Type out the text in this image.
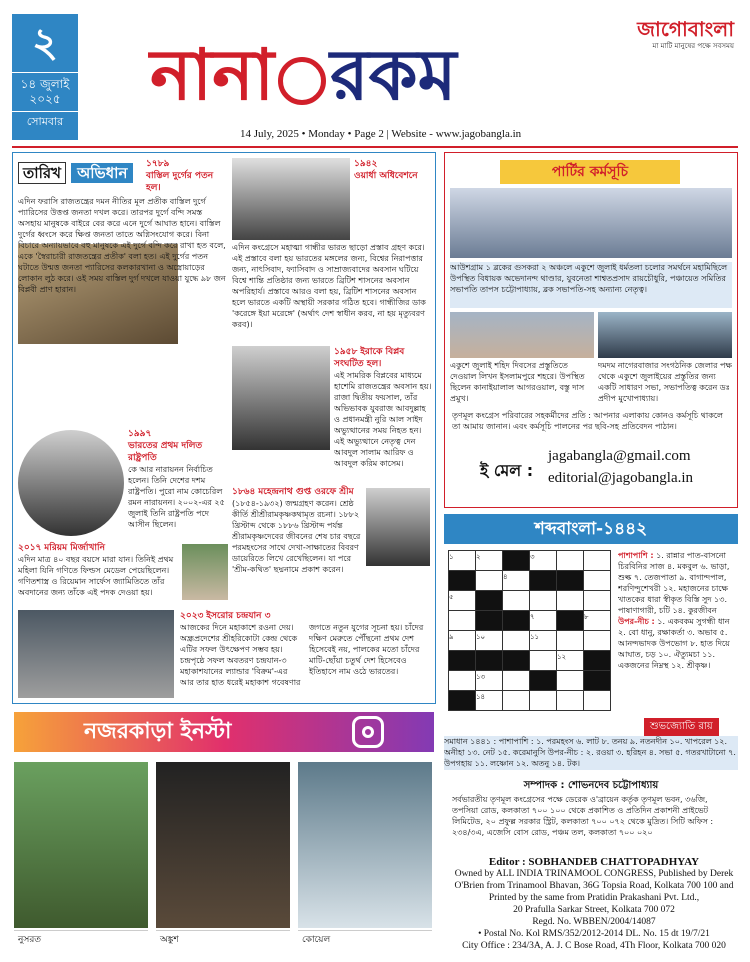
২
১৪ জুলাই ২০২৫
সোমবার
নানা রকম
জাগোবাংলা
মা মাটি মানুষের পক্ষে সবসময়
14 July, 2025 • Monday • Page 2 | Website - www.jagobangla.in
তারিখ অভিধান	১৭৮৯
বাস্তিল দুর্গের পতন হল।
এদিন ফরাসি রাজতন্ত্রের দমন নীতির মূল প্রতীক বাস্তিল দুর্গে প্যারিসের উত্তপ্ত জনতা দখল করে। তারপর দুর্গে বন্দি সমস্ত অসহায় মানুষকে বাইরে বের করে এনে দুর্গে আঘাত হানে। বাস্তিল দুর্গের ধ্বংসে করে ক্ষিপ্ত জনতা তাতে অগ্নিসংযোগ করে। বিনা বিচারে অন্যায়ভাবে বহু মানুষকে এই দুর্গে বন্দি করে রাখা হত বলে, একে 'স্বৈরাচারী রাজতন্ত্রের প্রতীক' বলা হত। এই দুর্গের পতন ঘটাতে উন্মত্ত জনতা প্যারিসের কলকারখানা ও অস্ত্রোয়াড়ের লোকান লুঠ করে। ওই সময় বাস্তিল দুর্গ দখলে যাওয়া যুদ্ধে ৯৮ জন বিপ্লবী প্রাণ হারান।
১৯৪২
ওয়ার্ধা অধিবেশনে
এদিন কংগ্রেসে মহাত্মা গান্ধীর ভারত ছাড়ো প্রস্তাব গ্রহণ করে। এই প্রস্তাবে বলা হয় ভারতের মঙ্গলের জন্য, বিশ্বের নিরাপত্তার জন্য, নাৎসিবাদ, ফ্যাসিবাদ ও সাম্রাজ্যবাদের অবসান ঘটিয়ে বিশ্বে শান্তি প্রতিষ্ঠার জন্য ভারতে ব্রিটিশ শাসনের অবসান অপরিহার্য। প্রস্তাবে আরও বলা হয়, ব্রিটিশ শাসনের অবসান হলে ভারতে একটি অস্থায়ী সরকার গঠিত হবে। গান্ধীজির ডাক 'করেঙ্গে ইয়া মরেঙ্গে' (অর্থাৎ দেশ স্বাধীন করব, না হয় মৃত্যুবরণ করব)।
১৯৫৮ ইরাকে বিপ্লব সংঘটিত হল।
এই সামরিক বিপ্লবের মাধ্যমে হাশেমি রাজতন্ত্রের অবসান হয়। রাজা দ্বিতীয় ফয়সাল, তাঁর অভিভাবক যুবরাজ আবদুল্লাহ ও প্রধানমন্ত্রী নুরি আল সাইদ অভ্যুত্থানের সময় নিহত হন। এই অভ্যুত্থানে নেতৃত্ব দেন আবদুল সালাম আরিফ ও আবদুল করিম কাসেম।
১৯৯৭
ভারতের প্রথম দলিত রাষ্ট্রপতি
কে আর নারায়নন নির্বাচিত হলেন। তিনি দেশের দশম রাষ্ট্রপতি। পুরো নাম কোচেরিল রমন নারায়নন। ২০০২-এর ২৫ জুলাই তিনি রাষ্ট্রপতি পদে আসীন ছিলেন।
১৮৬৪ মহেন্দ্রনাথ গুপ্ত ওরফে শ্রীম
(১৮৫৪-১৯৩২) জন্মগ্রহণ করেন। শ্রেষ্ঠ কীর্তি শ্রীশ্রীরামকৃষ্ণকথামৃত রচনা। ১৮৮২ খ্রিস্টাব্দ থেকে ১৮৮৬ খ্রিস্টাব্দ পর্যন্ত শ্রীরামকৃষ্ণদেবের জীবনের শেষ চার বছরে পরমহংসের সাথে দেখা-সাক্ষাতের বিবরণ ডায়েরিতে লিখে রেখেছিলেন। যা পরে 'শ্রীম-কথিত' ছদ্মনামে প্রকাশ করেন।
২০১৭ মরিয়ম মির্জাখানি
এদিন মাত্র ৪০ বছর বয়সে মারা যান। তিনিই প্রথম মহিলা যিনি গণিতে ফিল্ডস মেডেল পেয়েছিলেন। গণিতশাস্ত্র ও রিয়েমান সার্ফেস জ্যামিতিতে তাঁর অবদানের জন্য তাঁকে এই পদক দেওয়া হয়।
২০২৩ ইসরোর চন্দ্রযান ৩
আজকের দিনে মহাকাশে রওনা দেয়। অন্ধ্রপ্রদেশের শ্রীহরিকোটা কেন্দ্র থেকে এটির সফল উৎক্ষেপণ সম্ভব হয়। চন্দ্রপৃষ্ঠে সফল অবতরণ চন্দ্রযান-৩ মহাকাশযানের ল্যান্ডার 'বিক্রম'-এর আর তার হাত ধরেই মহাকাশ গবেষণার জগতে নতুন যুগের সূচনা হয়। চাঁদের দক্ষিণ মেরুতে পৌঁছনো প্রথম দেশ হিসেবেই নয়, পালকের মতো চাঁদের মাটি-ছোঁয়া চতুর্থ দেশ হিসেবেও ইতিহাসে নাম ওঠে ভারতের।
পার্টির কর্মসূচি
আউশগ্রাম ১ ব্লকের গুসকরা ২ অঞ্চলে একুশে জুলাই ধর্মতলা চলোর সমর্থনে মহামিছিলে উপস্থিত বিধায়ক অভেদানন্দ থাণ্ডার, যুবনেতা শাশ্বতপ্রসাদ রায়চৌধুরি, পঞ্চায়েত সমিতির সভাপতি তাপস চট্টোপাধ্যায়, ব্লক সভাপতি-সহ অন্যান্য নেতৃত্ব।
একুশে জুলাই শহিদ দিবসের প্রস্তুতিতে দেওয়াল লিখন ইসলামপুরে শহরে। উপস্থিত ছিলেন কানাইয়ালাল আগরওয়াল, বস্তু দাস প্রমুখ।
দমদম নাগেরবাজার সংগঠনিক জেলার পক্ষ থেকে একুশে জুলাইয়ের প্রস্তুতির জন্য একটি সাধারণ সভা, সভাপতিত্ব করেন ডঃ প্রদীপ মুখোপাধ্যায়।
তৃণমূল কংগ্রেস পরিবারের সহকর্মীদের প্রতি : আপনার এলাকায় কোনও কর্মসূচি থাকলে তা আমায় জানান। এবং কর্মসূচি পালনের পর ছবি-সহ প্রতিবেদন পাঠান।
ই মেল :
jagabangla@gmail.com
editorial@jagobangla.in
শব্দবাংলা-১৪৪২
১	২		৩		
		৪			
৫					
			৭		৮
৯	১০		১১		
				১২	
	১৩				
	১৪				
পাশাপাশি : ১. রান্নার পাত-বাসনো চিরবিনির সাজ ৪. মকবুল ৬. ভাড়া, শুল্ক ৭. তেজপাতা ৯. বাগান্দপাল, শরণিন্দুশেখরী ১২. মহাজনের চাক্ষে খাতকের ধারা স্বীকৃত বিস্তি সুদ ১৩. পাষাণাগারী, চটি ১৪. কুরজীবন
উপর-নীচ : ১. একবকম সুগন্ধী ধান ২. বো ধানু, রক্ষাকর্তা ৩. অভাব ৫. আনন্দভাদক উপভোগ ৮. হাত দিয়ে আঘাত, চড় ১০. ঐত্যুমচা ১১. একজনের নিম্নস্থ ১২. শ্রীকৃষ্ণ।
শুভজ্যোতি রায়
সমাধান ১৪৪১ : পাশাপাশি : ১. পরমহংস ৬. লাট ৮. তনয় ৯. নতনদীন ১০. খাপরেল ১২. অনীহা ১৩. নেট ১৫. করেমানুসি উপর-নীচ : ২. রওয়া ৩. হরিহন ৪. সভা ৫. গতরখাটানো ৭. উপগহায় ১১. লষ্ণোন ১২. অতনু ১৪. টক।
নজরকাড়া ইনস্টা
নুসরত	অঙ্কুশ	কোয়েল
সম্পাদক : শোভনদেব চট্টোপাধ্যায়
সর্বভারতীয় তৃণমূল কংগ্রেসের পক্ষে ডেরেক ও'ব্রায়েন কর্তৃক তৃণমূল ভবন, ৩৬জি, তপসিয়া রোড, কলকাতা ৭০০ ১০০ থেকে প্রকাশিত ও প্রতিদিন প্রকাশনী প্রাইভেট লিমিটেড, ২০ প্রফুল্ল সরকার স্ট্রিট, কলকাতা ৭০০ ০৭২ থেকে মুদ্রিত। সিটি অফিস : ২৩৪/৩এ, এজেসি বোস রোড, পঞ্চম তল, কলকাতা ৭০০ ০২০
Editor : SOBHANDEB CHATTOPADHYAY
Owned by ALL INDIA TRINAMOOL CONGRESS, Published by Derek
O'Brien from Trinamool Bhavan, 36G Topsia Road, Kolkata 700 100 and
Printed by the same from Pratidin Prakashani Pvt. Ltd.,
20 Prafulla Sarkar Street, Kolkata 700 072
Regd. No. WBBEN/2004/14087
• Postal No. Kol RMS/352/2012-2014 DL. No. 15 dt 19/7/21
City Office : 234/3A, A. J. C Bose Road, 4Th Floor, Kolkata 700 020
